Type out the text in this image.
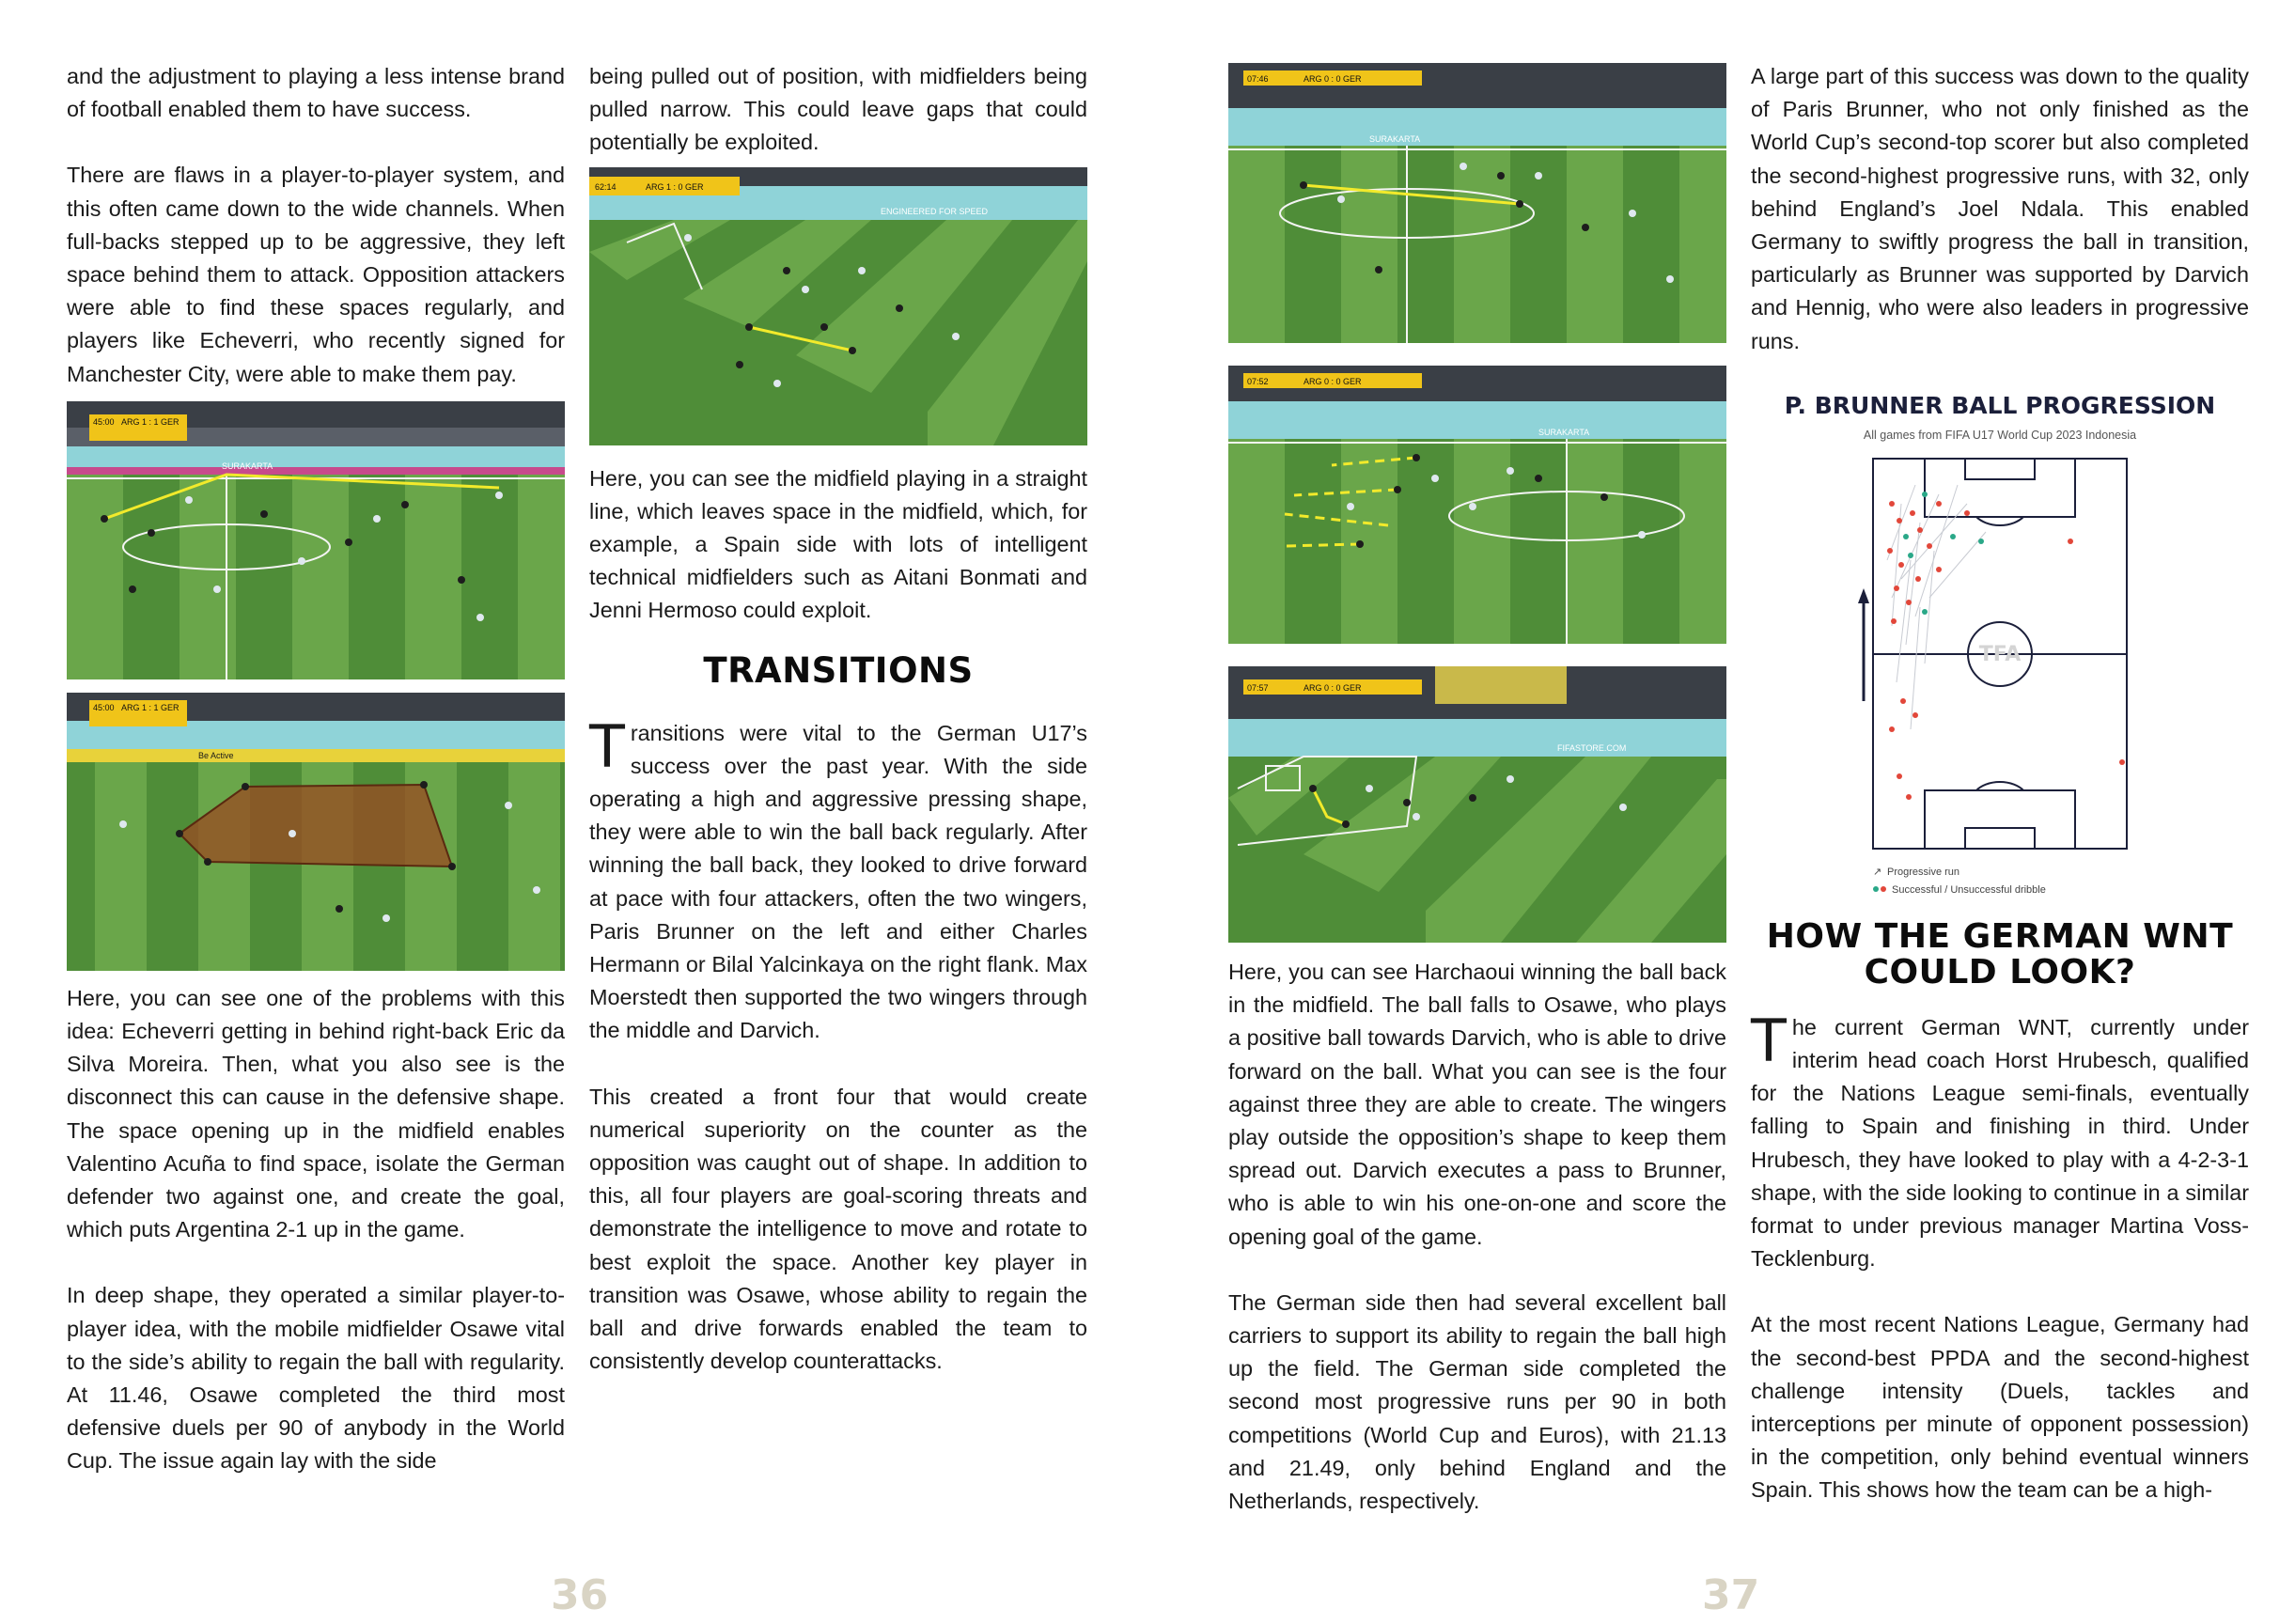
and the adjustment to playing a less intense brand of football enabled them to have success.

There are flaws in a player-to-player system, and this often came down to the wide channels. When full-backs stepped up to be aggressive, they left space behind them to attack. Opposition attackers were able to find these spaces regularly, and players like Echeverri, who recently signed for Manchester City, were able to make them pay.

45:00 ARG 1 : 1 GER
SURAKARTA
45:00 ARG 1 : 1 GER
Be Active

Here, you can see one of the problems with this idea: Echeverri getting in behind right-back Eric da Silva Moreira. Then, what you also see is the disconnect this can cause in the defensive shape. The space opening up in the midfield enables Valentino Acuña to find space, isolate the German defender two against one, and create the goal, which puts Argentina 2-1 up in the game.

In deep shape, they operated a similar player-to-player idea, with the mobile midfielder Osawe vital to the side’s ability to regain the ball with regularity. At 11.46, Osawe completed the third most defensive duels per 90 of anybody in the World Cup. The issue again lay with the side

being pulled out of position, with midfielders being pulled narrow. This could leave gaps that could potentially be exploited.

62:14	ARG 1 : 0 GER
ENGINEERED FOR SPEED

Here, you can see the midfield playing in a straight line, which leaves space in the midfield, which, for example, a Spain side with lots of intelligent technical midfielders such as Aitani Bonmati and Jenni Hermoso could exploit.

TRANSITIONS

Transitions were vital to the German U17’s success over the past year. With the side operating a high and aggressive pressing shape, they were able to win the ball back regularly. After winning the ball back, they looked to drive forward at pace with four attackers, often the two wingers, Paris Brunner on the left and either Charles Hermann or Bilal Yalcinkaya on the right flank. Max Moerstedt then supported the two wingers through the middle and Darvich.

This created a front four that would create numerical superiority on the counter as the opposition was caught out of shape. In addition to this, all four players are goal-scoring threats and demonstrate the intelligence to move and rotate to best exploit the space. Another key player in transition was Osawe, whose ability to regain the ball and drive forwards enabled the team to consistently develop counterattacks.

36
07:46	ARG 0 : 0 GER
SURAKARTA
07:52	ARG 0 : 0 GER
SURAKARTA
07:57	ARG 0 : 0 GER
FIFASTORE.COM

Here, you can see Harchaoui winning the ball back in the midfield. The ball falls to Osawe, who plays a positive ball towards Darvich, who is able to drive forward on the ball. What you can see is the four against three they are able to create. The wingers play outside the opposition’s shape to keep them spread out. Darvich executes a pass to Brunner, who is able to win his one-on-one and score the opening goal of the game.

The German side then had several excellent ball carriers to support its ability to regain the ball high up the field. The German side completed the second most progressive runs per 90 in both competitions (World Cup and Euros), with 21.13 and 21.49, only behind England and the Netherlands, respectively.

A large part of this success was down to the quality of Paris Brunner, who not only finished as the World Cup’s second-top scorer but also completed the second-highest progressive runs, with 32, only behind England’s Joel Ndala. This enabled Germany to swiftly progress the ball in transition, particularly as Brunner was supported by Darvich and Hennig, who were also leaders in progressive runs.

P. BRUNNER BALL PROGRESSION

All games from FIFA U17 World Cup 2023 Indonesia

TFA
↗ Progressive run
Successful / Unsuccessful dribble

HOW THE GERMAN WNT COULD LOOK?

The current German WNT, currently under interim head coach Horst Hrubesch, qualified for the Nations League semi-finals, eventually falling to Spain and finishing in third. Under Hrubesch, they have looked to play with a 4-2-3-1 shape, with the side looking to continue in a similar format to under previous manager Martina Voss-Tecklenburg.

At the most recent Nations League, Germany had the second-best PPDA and the second-highest challenge intensity (Duels, tackles and interceptions per minute of opponent possession) in the competition, only behind eventual winners Spain. This shows how the team can be a high-

37
